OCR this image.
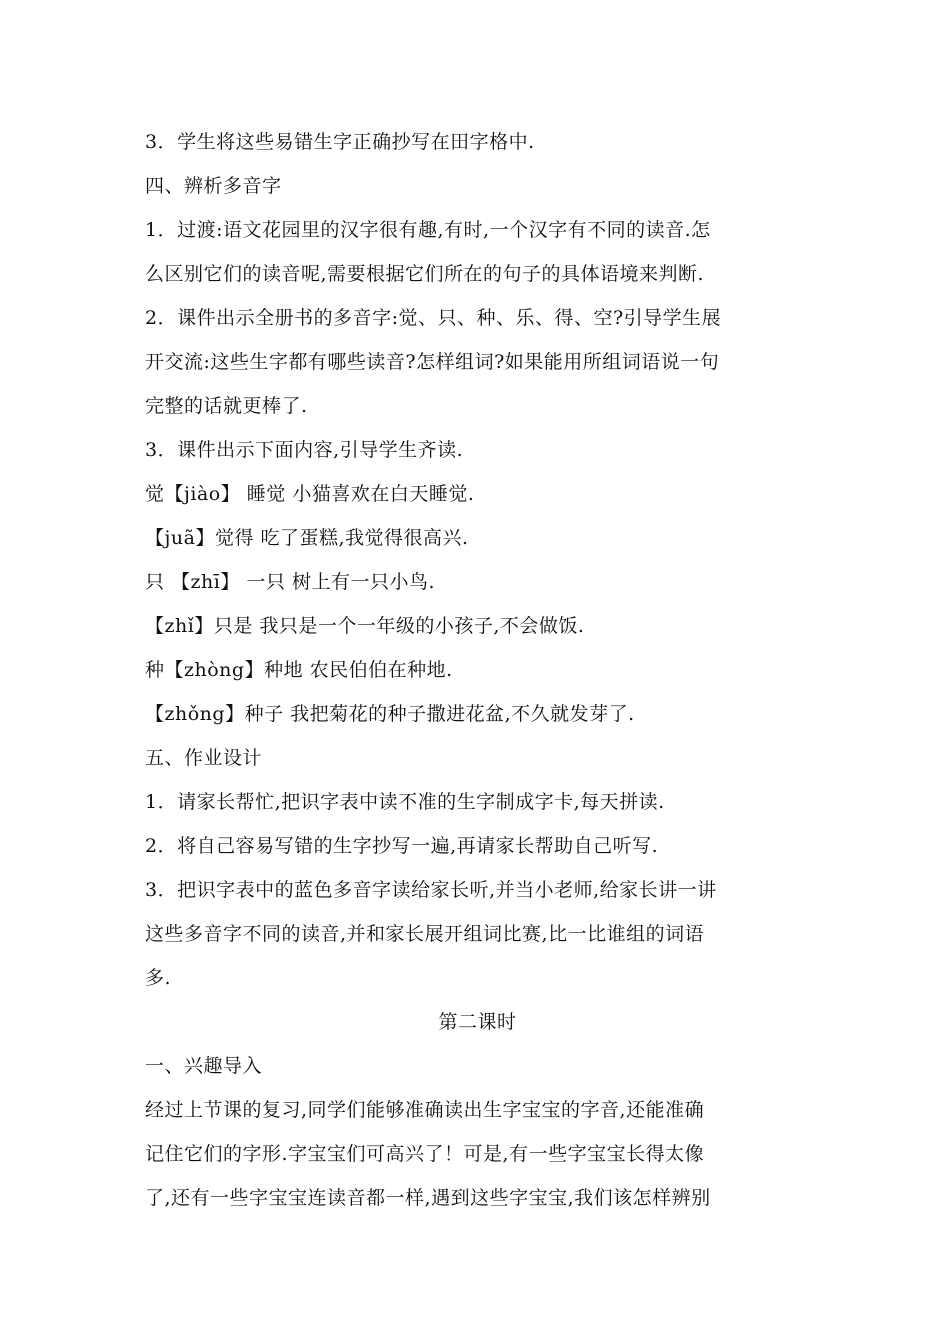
3．学生将这些易错生字正确抄写在田字格中.
四、辨析多音字
1．过渡:语文花园里的汉字很有趣,有时,一个汉字有不同的读音.怎
么区别它们的读音呢,需要根据它们所在的句子的具体语境来判断.
2．课件出示全册书的多音字:觉、只、种、乐、得、空?引导学生展
开交流:这些生字都有哪些读音?怎样组词?如果能用所组词语说一句
完整的话就更棒了.
3．课件出示下面内容,引导学生齐读.
觉【jiào】 睡觉 小猫喜欢在白天睡觉.
【juã】觉得 吃了蛋糕,我觉得很高兴.
只 【zhī】 一只 树上有一只小鸟.
【zhǐ】只是 我只是一个一年级的小孩子,不会做饭.
种【zhòng】种地 农民伯伯在种地.
【zhǒng】种子 我把菊花的种子撒进花盆,不久就发芽了.
五、作业设计
1．请家长帮忙,把识字表中读不准的生字制成字卡,每天拼读.
2．将自己容易写错的生字抄写一遍,再请家长帮助自己听写.
3．把识字表中的蓝色多音字读给家长听,并当小老师,给家长讲一讲
这些多音字不同的读音,并和家长展开组词比赛,比一比谁组的词语
多.
第二课时
一、兴趣导入
经过上节课的复习,同学们能够准确读出生字宝宝的字音,还能准确
记住它们的字形.字宝宝们可高兴了！可是,有一些字宝宝长得太像
了,还有一些字宝宝连读音都一样,遇到这些字宝宝,我们该怎样辨别
